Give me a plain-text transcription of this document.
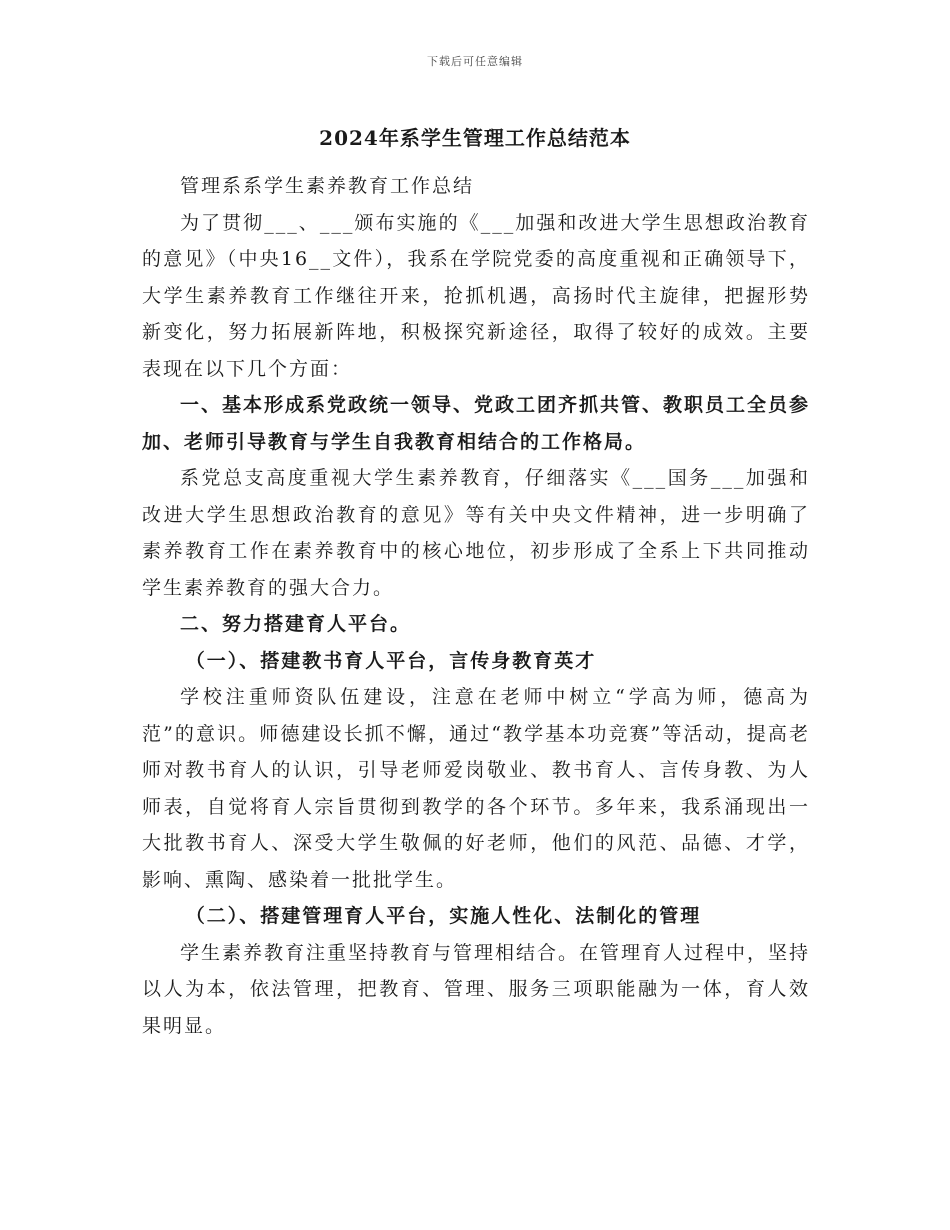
下载后可任意编辑
2024年系学生管理工作总结范本

管理系系学生素养教育工作总结

为了贯彻___、___颁布实施的《___加强和改进大学生思想政治教育的意见》（中央16__文件），我系在学院党委的高度重视和正确领导下，大学生素养教育工作继往开来，抢抓机遇，高扬时代主旋律，把握形势新变化，努力拓展新阵地，积极探究新途径，取得了较好的成效。主要表现在以下几个方面：

一、基本形成系党政统一领导、党政工团齐抓共管、教职员工全员参加、老师引导教育与学生自我教育相结合的工作格局。

系党总支高度重视大学生素养教育，仔细落实《___国务___加强和改进大学生思想政治教育的意见》等有关中央文件精神，进一步明确了素养教育工作在素养教育中的核心地位，初步形成了全系上下共同推动学生素养教育的强大合力。

二、努力搭建育人平台。

（一）、搭建教书育人平台，言传身教育英才

学校注重师资队伍建设，注意在老师中树立“学高为师，德高为范”的意识。师德建设长抓不懈，通过“教学基本功竞赛”等活动，提高老师对教书育人的认识，引导老师爱岗敬业、教书育人、言传身教、为人师表，自觉将育人宗旨贯彻到教学的各个环节。多年来，我系涌现出一大批教书育人、深受大学生敬佩的好老师，他们的风范、品德、才学，影响、熏陶、感染着一批批学生。

（二）、搭建管理育人平台，实施人性化、法制化的管理

学生素养教育注重坚持教育与管理相结合。在管理育人过程中，坚持以人为本，依法管理，把教育、管理、服务三项职能融为一体，育人效果明显。
